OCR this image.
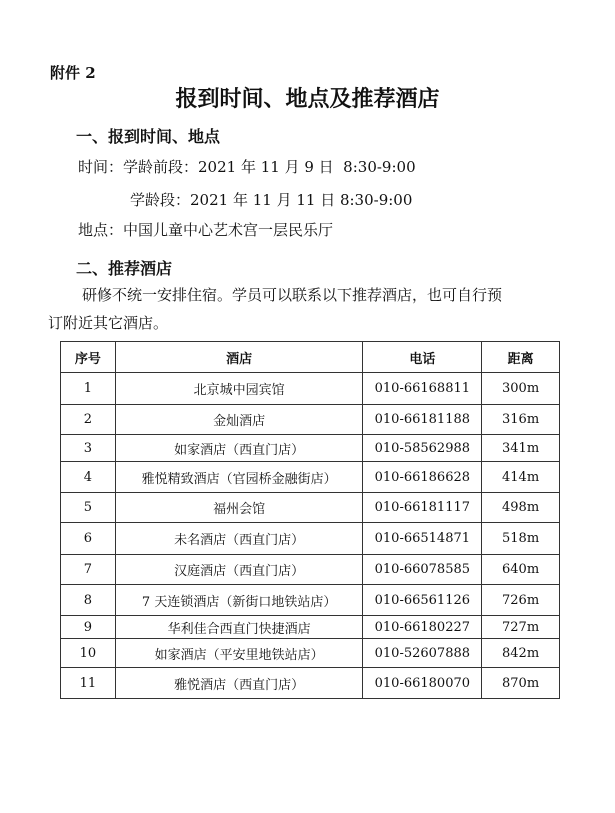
附件 2
报到时间、地点及推荐酒店
一、报到时间、地点
时间：学龄前段：2021 年 11 月 9 日  8:30-9:00
学龄段：2021 年 11 月 11 日 8:30-9:00
地点：中国儿童中心艺术宫一层民乐厅
二、推荐酒店
研修不统一安排住宿。学员可以联系以下推荐酒店，也可自行预
订附近其它酒店。
序号	酒店	电话	距离
1	北京城中园宾馆	010-66168811	300m
2	金灿酒店	010-66181188	316m
3	如家酒店（西直门店）	010-58562988	341m
4	雅悦精致酒店（官园桥金融街店）	010-66186628	414m
5	福州会馆	010-66181117	498m
6	未名酒店（西直门店）	010-66514871	518m
7	汉庭酒店（西直门店）	010-66078585	640m
8	7 天连锁酒店（新街口地铁站店）	010-66561126	726m
9	华利佳合西直门快捷酒店	010-66180227	727m
10	如家酒店（平安里地铁站店）	010-52607888	842m
11	雅悦酒店（西直门店）	010-66180070	870m
